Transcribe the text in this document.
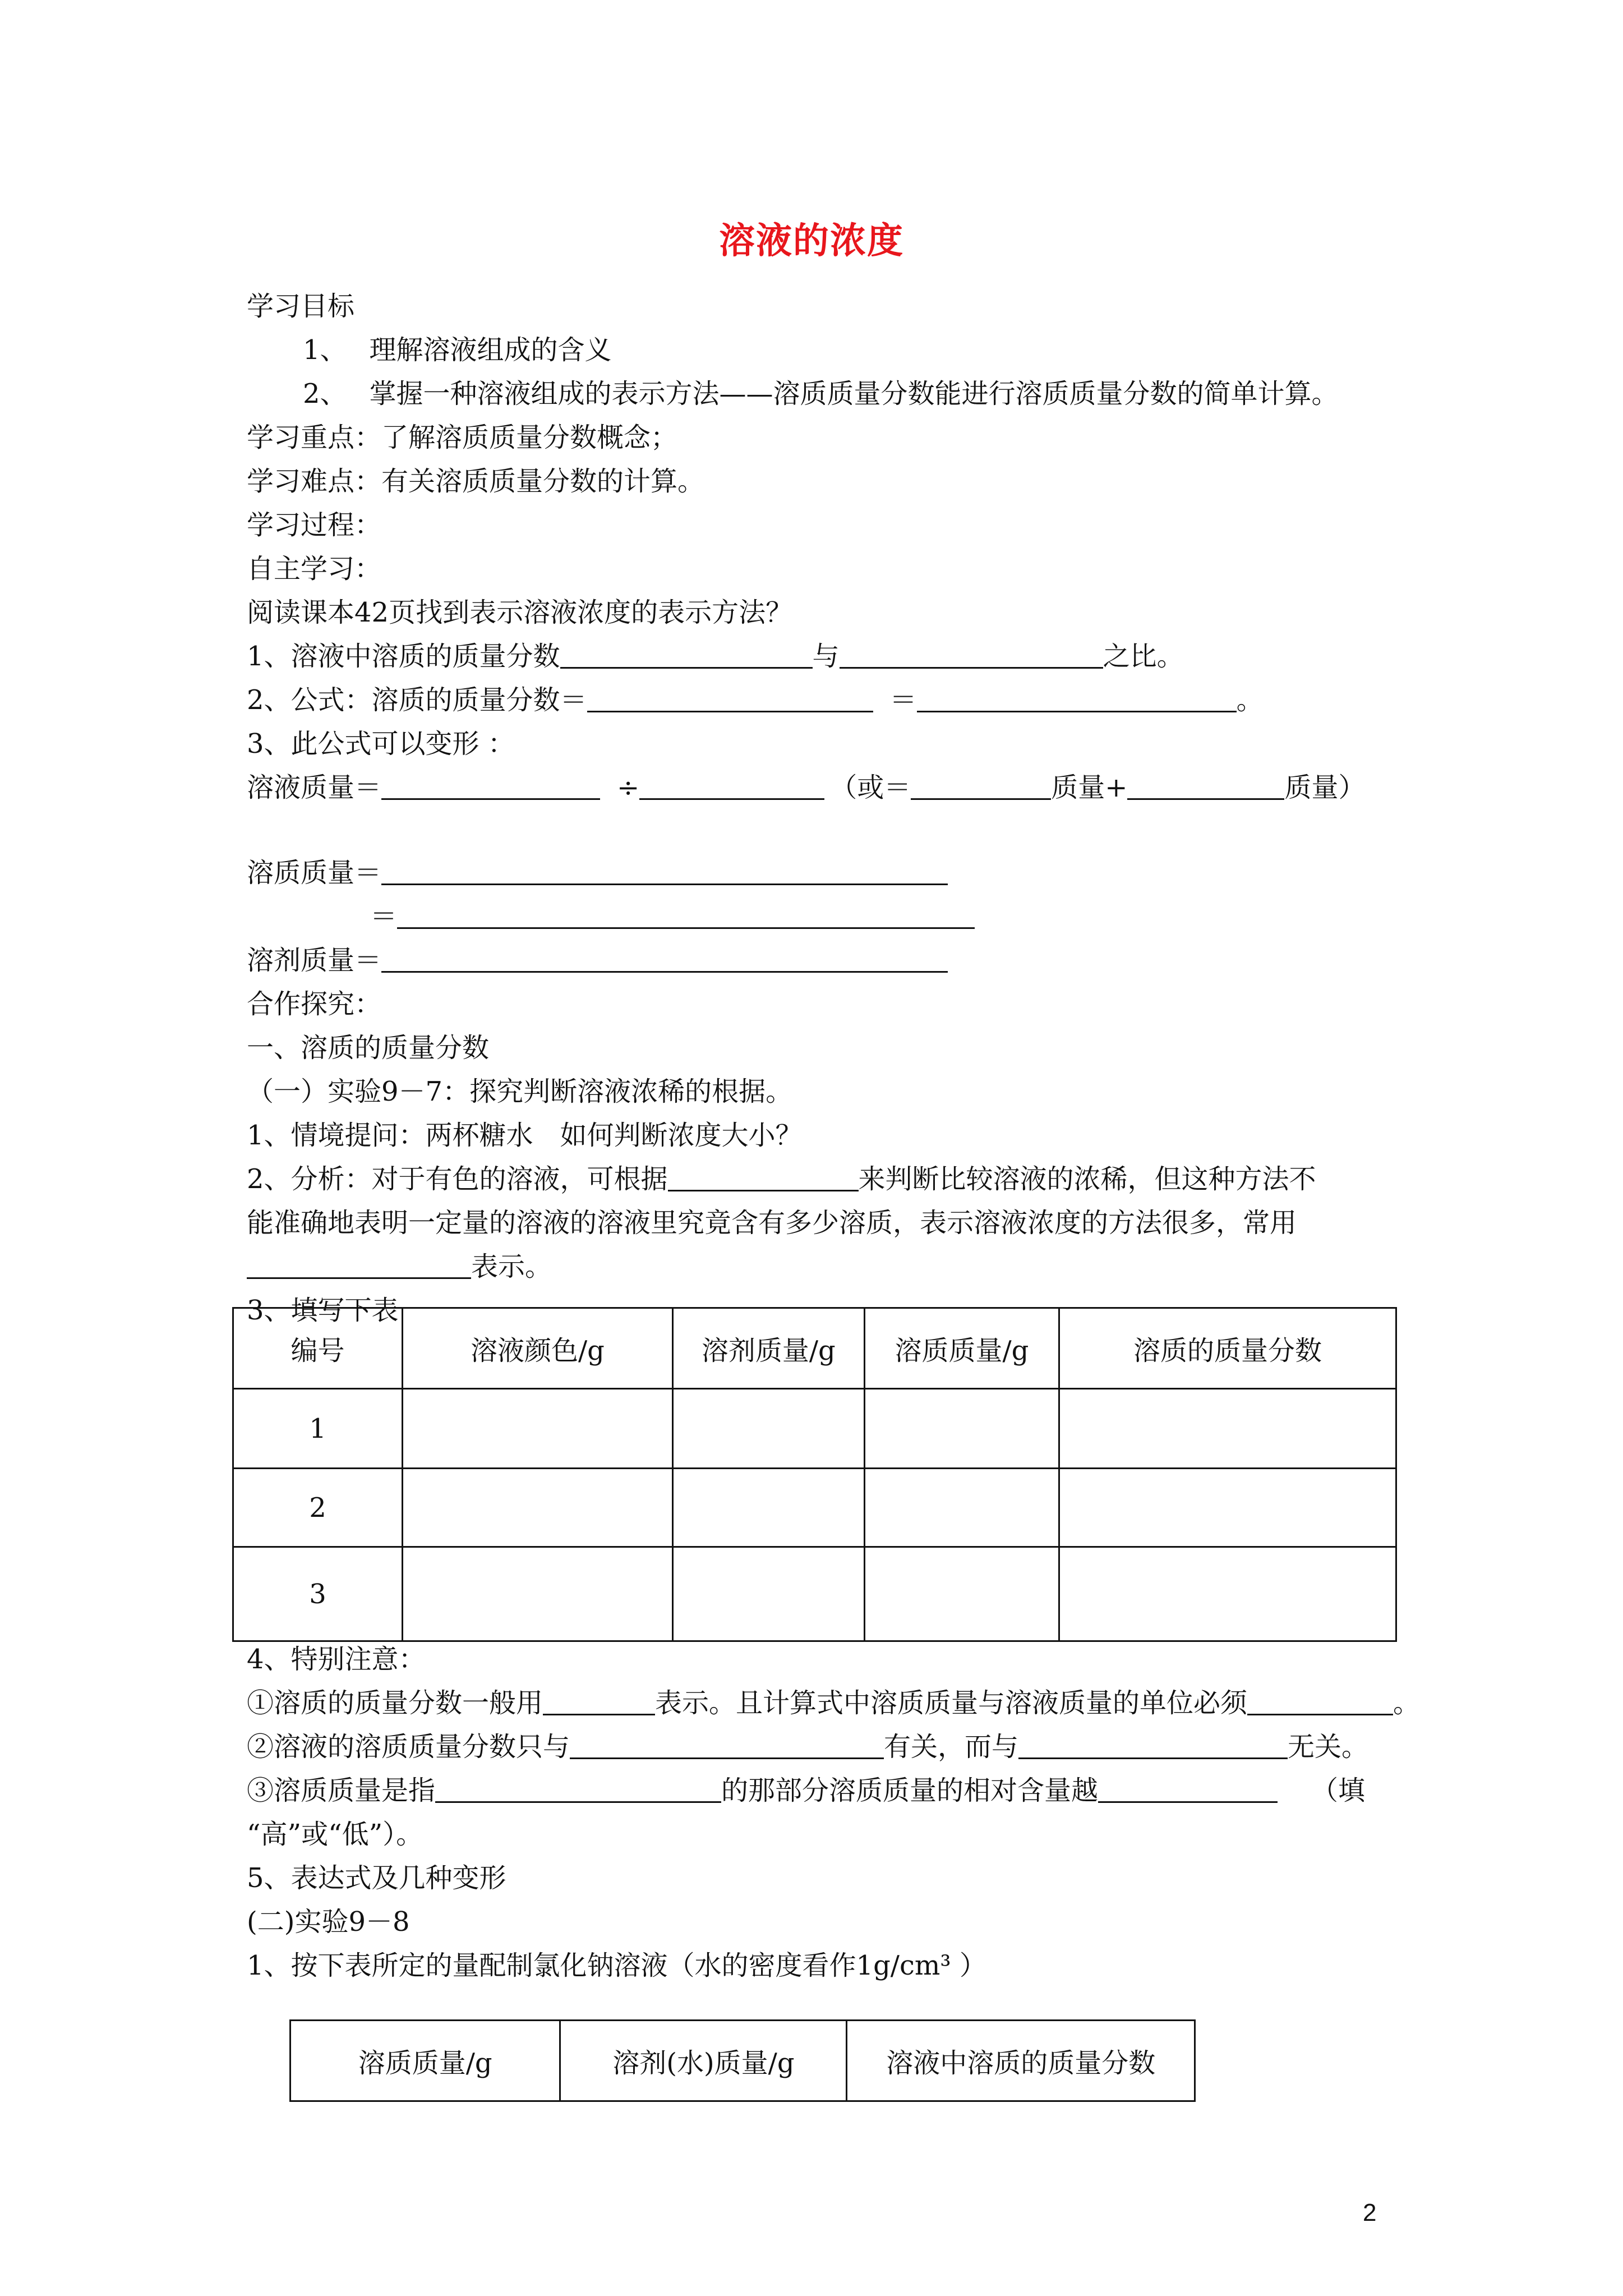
溶液的浓度
学习目标
1、 理解溶液组成的含义
2、 掌握一种溶液组成的表示方法——溶质质量分数能进行溶质质量分数的简单计算。
学习重点：了解溶质质量分数概念；
学习难点：有关溶质质量分数的计算。
学习过程：
自主学习：
阅读课本42页找到表示溶液浓度的表示方法？
1、溶液中溶质的质量分数	与	之比。
2、公式：溶质的质量分数＝	＝	。
3、此公式可以变形 ：
溶液质量＝	÷	（或＝	质量+	质量）
溶质质量＝
＝
溶剂质量＝
合作探究：
一、溶质的质量分数
（一）实验9－7：探究判断溶液浓稀的根据。
1、情境提问：两杯糖水　如何判断浓度大小？
2、分析：对于有色的溶液，可根据	来判断比较溶液的浓稀，但这种方法不
能准确地表明一定量的溶液的溶液里究竟含有多少溶质，表示溶液浓度的方法很多，常用
表示。
3、填写下表
编号	溶液颜色/g	溶剂质量/g	溶质质量/g	溶质的质量分数
1				
2				
3				
4、特别注意：
①溶质的质量分数一般用	表示。且计算式中溶质质量与溶液质量的单位必须	。
②溶液的溶质质量分数只与	有关，而与	无关。
③溶质质量是指	的那部分溶质质量的相对含量越	（填
“高”或“低”）。
5、表达式及几种变形
(二)实验9－8
1、按下表所定的量配制氯化钠溶液（水的密度看作1g/cm³ ）
溶质质量/g	溶剂(水)质量/g	溶液中溶质的质量分数
2
